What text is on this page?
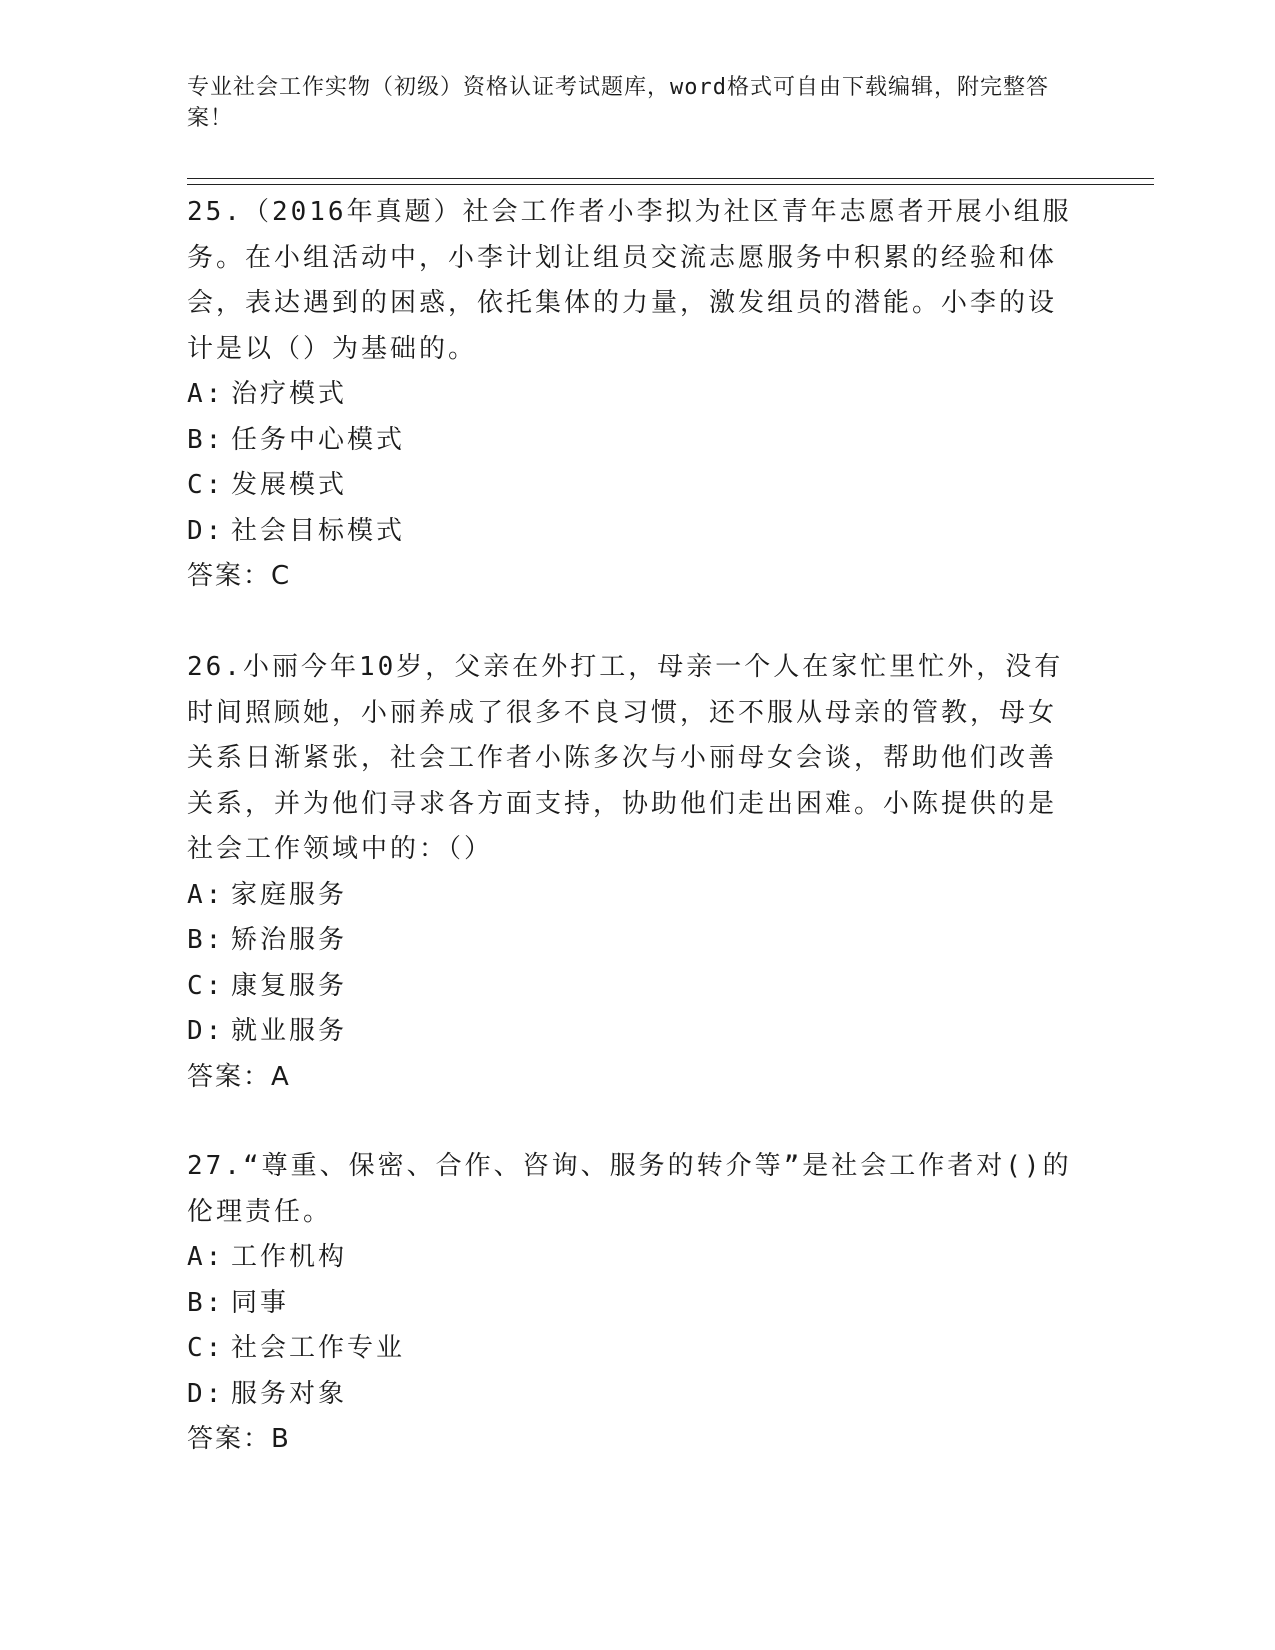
专业社会工作实物（初级）资格认证考试题库，word格式可自由下载编辑，附完整答案！

25.（2016年真题）社会工作者小李拟为社区青年志愿者开展小组服务。在小组活动中，小李计划让组员交流志愿服务中积累的经验和体会，表达遇到的困惑，依托集体的力量，激发组员的潜能。小李的设计是以（）为基础的。

A: 治疗模式

B: 任务中心模式

C: 发展模式

D: 社会目标模式

答案：C

26.小丽今年10岁，父亲在外打工，母亲一个人在家忙里忙外，没有时间照顾她，小丽养成了很多不良习惯，还不服从母亲的管教，母女关系日渐紧张，社会工作者小陈多次与小丽母女会谈，帮助他们改善关系，并为他们寻求各方面支持，协助他们走出困难。小陈提供的是社会工作领域中的：（）

A: 家庭服务

B: 矫治服务

C: 康复服务

D: 就业服务

答案：A

27.“尊重、保密、合作、咨询、服务的转介等”是社会工作者对()的伦理责任。

A: 工作机构

B: 同事

C: 社会工作专业

D: 服务对象

答案：B
